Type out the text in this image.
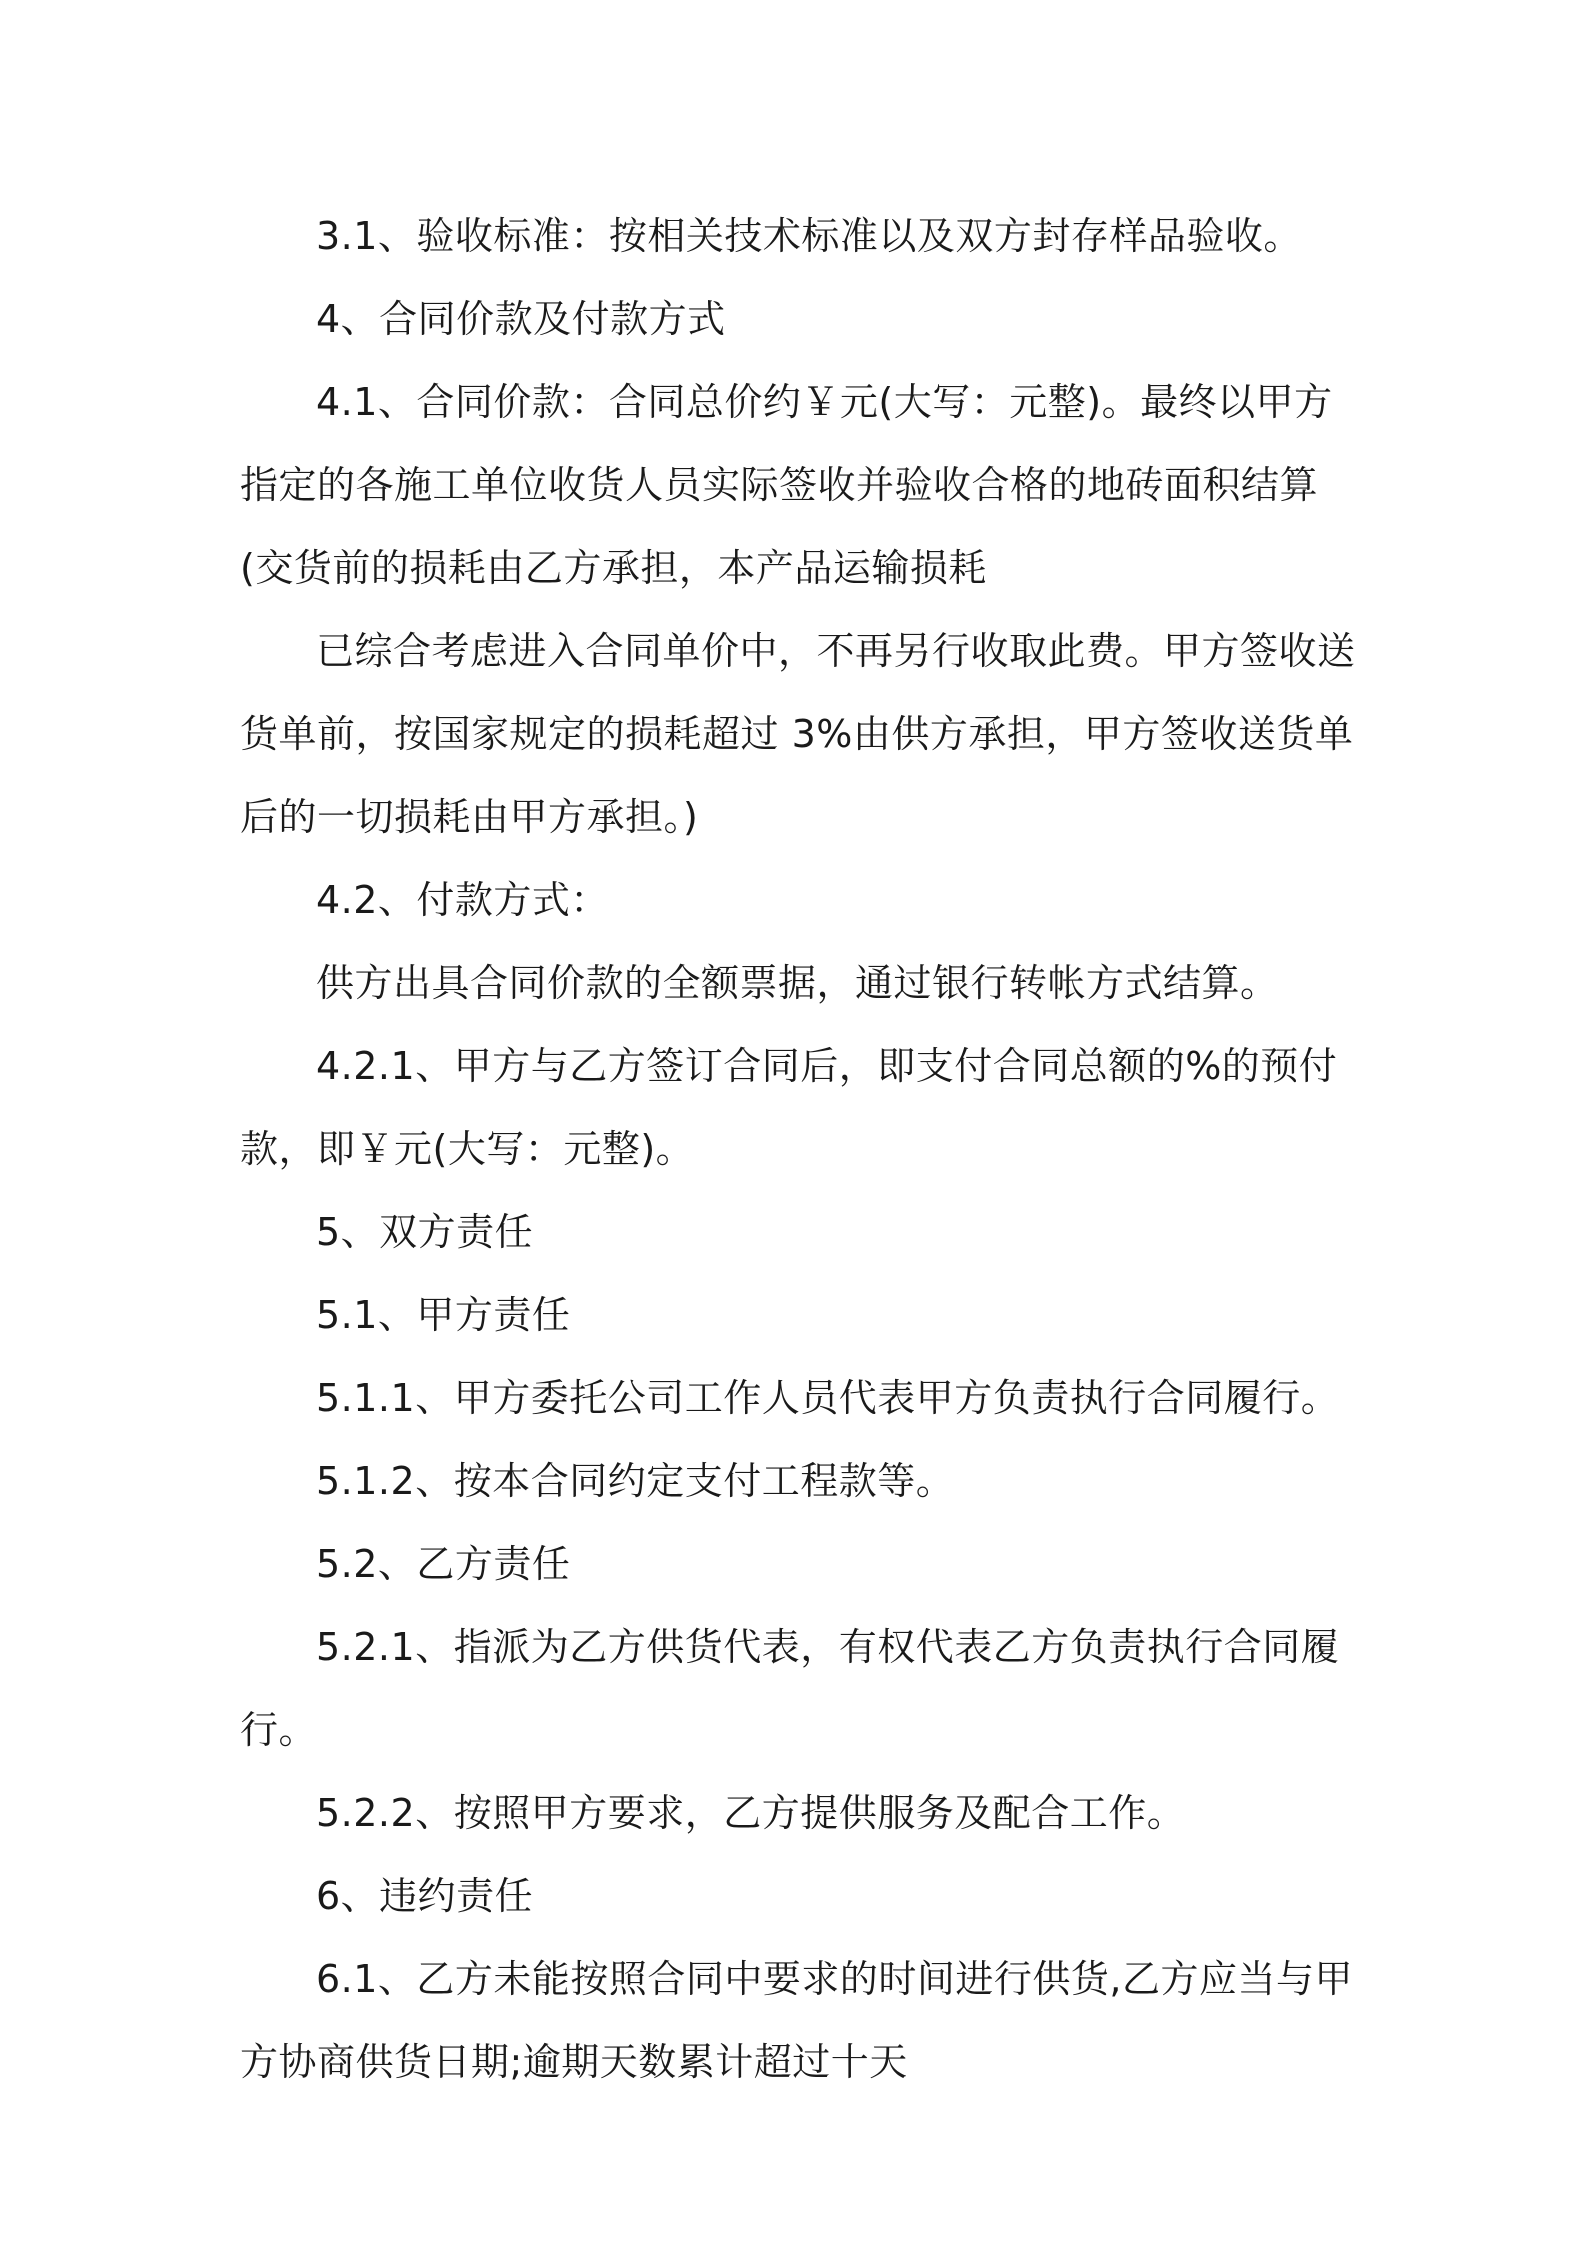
3.1、验收标准：按相关技术标准以及双方封存样品验收。

4、合同价款及付款方式

4.1、合同价款：合同总价约￥元(大写：元整)。最终以甲方指定的各施工单位收货人员实际签收并验收合格的地砖面积结算(交货前的损耗由乙方承担，本产品运输损耗

已综合考虑进入合同单价中，不再另行收取此费。甲方签收送货单前，按国家规定的损耗超过 3%由供方承担，甲方签收送货单后的一切损耗由甲方承担。)

4.2、付款方式：

供方出具合同价款的全额票据，通过银行转帐方式结算。

4.2.1、甲方与乙方签订合同后，即支付合同总额的%的预付款，即￥元(大写：元整)。

5、双方责任

5.1、甲方责任

5.1.1、甲方委托公司工作人员代表甲方负责执行合同履行。

5.1.2、按本合同约定支付工程款等。

5.2、乙方责任

5.2.1、指派为乙方供货代表，有权代表乙方负责执行合同履行。

5.2.2、按照甲方要求，乙方提供服务及配合工作。

6、违约责任

6.1、乙方未能按照合同中要求的时间进行供货,乙方应当与甲方协商供货日期;逾期天数累计超过十天
